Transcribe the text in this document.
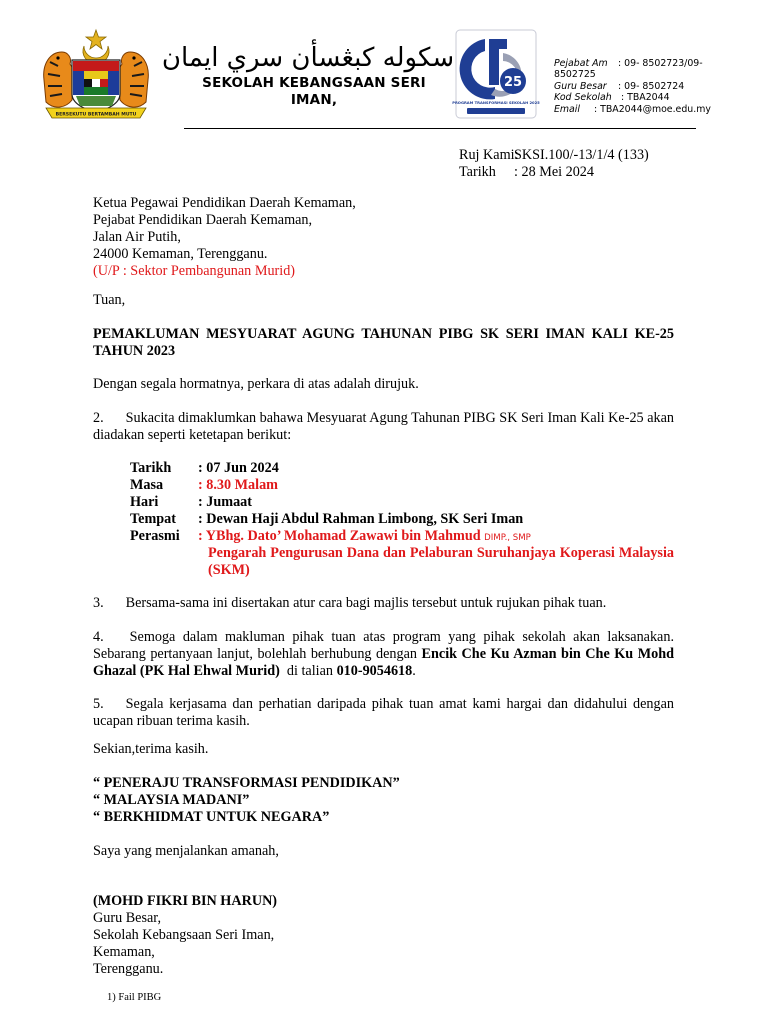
BERSEKUTU BERTAMBAH MUTU
سکوله کبڠسأن سري ايمان
SEKOLAH KEBANGSAAN SERI IMAN,
25
PROGRAM TRANSFORMASI SEKOLAH 2025
Pejabat Am : 09- 8502723/09-8502725
Guru Besar : 09- 8502724
Kod Sekolah : TBA2044
Email : TBA2044@moe.edu.my
Ruj Kami:SKSI.100/-13/1/4 (133)
Tarikh : 28 Mei 2024
Ketua Pegawai Pendidikan Daerah Kemaman,
Pejabat Pendidikan Daerah Kemaman,
Jalan Air Putih,
24000 Kemaman, Terengganu.
(U/P : Sektor Pembangunan Murid)
Tuan,
PEMAKLUMAN MESYUARAT AGUNG TAHUNAN PIBG SK SERI IMAN KALI KE-25 TAHUN 2023
Dengan segala hormatnya, perkara di atas adalah dirujuk.
2. Sukacita dimaklumkan bahawa Mesyuarat Agung Tahunan PIBG SK Seri Iman Kali Ke-25 akan diadakan seperti ketetapan berikut:
Tarikh : 07 Jun 2024
Masa : 8.30 Malam
Hari	: Jumaat
Tempat : Dewan Haji Abdul Rahman Limbong, SK Seri Iman
Perasmi : YBhg. Dato’ Mohamad Zawawi bin Mahmud DIMP., SMP
Pengarah Pengurusan Dana dan Pelaburan Suruhanjaya Koperasi Malaysia (SKM)
3. Bersama-sama ini disertakan atur cara bagi majlis tersebut untuk rujukan pihak tuan.
4. Semoga dalam makluman pihak tuan atas program yang pihak sekolah akan laksanakan. Sebarang pertanyaan lanjut, bolehlah berhubung dengan Encik Che Ku Azman bin Che Ku Mohd Ghazal (PK Hal Ehwal Murid) di talian 010-9054618.
5. Segala kerjasama dan perhatian daripada pihak tuan amat kami hargai dan didahului dengan ucapan ribuan terima kasih.
Sekian,terima kasih.
“ PENERAJU TRANSFORMASI PENDIDIKAN”
“ MALAYSIA MADANI”
“ BERKHIDMAT UNTUK NEGARA”
Saya yang menjalankan amanah,
(MOHD FIKRI BIN HARUN)
Guru Besar,
Sekolah Kebangsaan Seri Iman,
Kemaman,
Terengganu.
1) Fail PIBG
